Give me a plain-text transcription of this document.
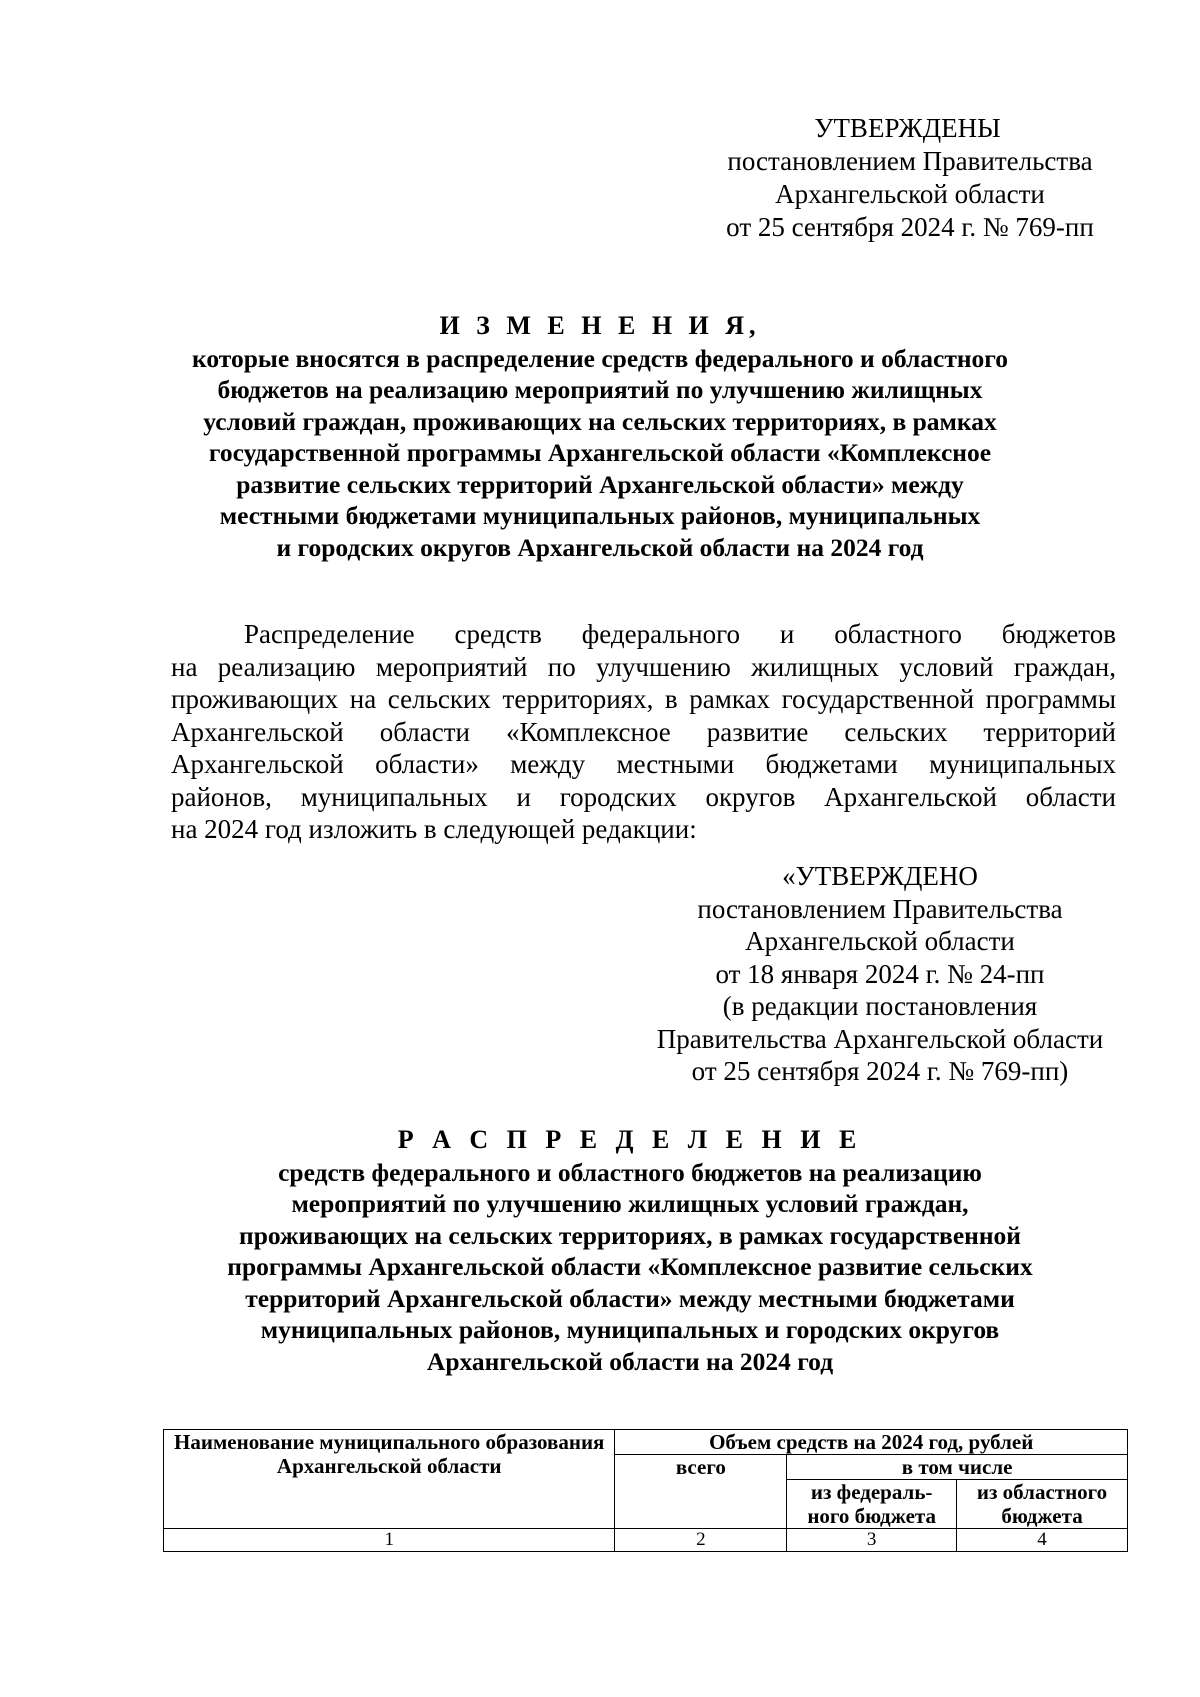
УТВЕРЖДЕНЫ
постановлением Правительства
Архангельской области
от 25 сентября 2024 г. № 769-пп
И З М Е Н Е Н И Я,
которые вносятся в распределение средств федерального и областного
бюджетов на реализацию мероприятий по улучшению жилищных
условий граждан, проживающих на сельских территориях, в рамках
государственной программы Архангельской области «Комплексное
развитие сельских территорий Архангельской области» между
местными бюджетами муниципальных районов, муниципальных
и городских округов Архангельской области на 2024 год
Распределение средств федерального и областного бюджетов
на реализацию мероприятий по улучшению жилищных условий граждан,
проживающих на сельских территориях, в рамках государственной программы
Архангельской области «Комплексное развитие сельских территорий
Архангельской области» между местными бюджетами муниципальных
районов, муниципальных и городских округов Архангельской области
на 2024 год изложить в следующей редакции:
«УТВЕРЖДЕНО
постановлением Правительства
Архангельской области
от 18 января 2024 г. № 24-пп
(в редакции постановления
Правительства Архангельской области
от 25 сентября 2024 г. № 769-пп)
Р А С П Р Е Д Е Л Е Н И Е
средств федерального и областного бюджетов на реализацию
мероприятий по улучшению жилищных условий граждан,
проживающих на сельских территориях, в рамках государственной
программы Архангельской области «Комплексное развитие сельских
территорий Архангельской области» между местными бюджетами
муниципальных районов, муниципальных и городских округов
Архангельской области на 2024 год
Наименование муниципального образования Архангельской области	Объем средств на 2024 год, рублей		
	всего	в том числе	
		из федераль- ного бюджета	из областного бюджета
1	2	3	4
